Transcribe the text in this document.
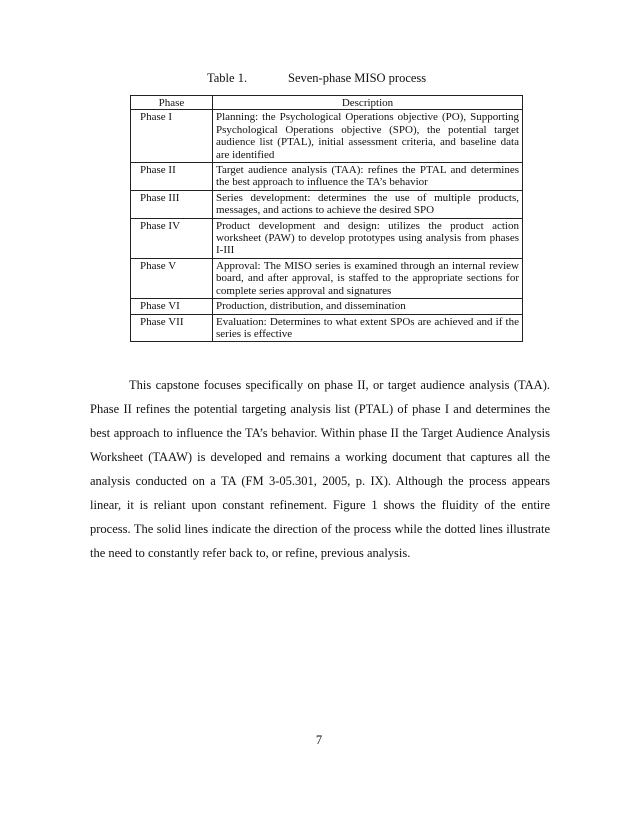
Table 1.	Seven-phase MISO process
Phase	Description
Phase I	Planning: the Psychological Operations objective (PO), Supporting Psychological Operations objective (SPO), the potential target audience list (PTAL), initial assessment criteria, and baseline data are identified
Phase II	Target audience analysis (TAA): refines the PTAL and determines the best approach to influence the TA’s behavior
Phase III	Series development: determines the use of multiple products, messages, and actions to achieve the desired SPO
Phase IV	Product development and design: utilizes the product action worksheet (PAW) to develop prototypes using analysis from phases I-III
Phase V	Approval: The MISO series is examined through an internal review board, and after approval, is staffed to the appropriate sections for complete series approval and signatures
Phase VI	Production, distribution, and dissemination
Phase VII	Evaluation: Determines to what extent SPOs are achieved and if the series is effective

This capstone focuses specifically on phase II, or target audience analysis (TAA). Phase II refines the potential targeting analysis list (PTAL) of phase I and determines the best approach to influence the TA’s behavior. Within phase II the Target Audience Analysis Worksheet (TAAW) is developed and remains a working document that captures all the analysis conducted on a TA (FM 3-05.301, 2005, p. IX). Although the process appears linear, it is reliant upon constant refinement. Figure 1 shows the fluidity of the entire process. The solid lines indicate the direction of the process while the dotted lines illustrate the need to constantly refer back to, or refine, previous analysis.

7
